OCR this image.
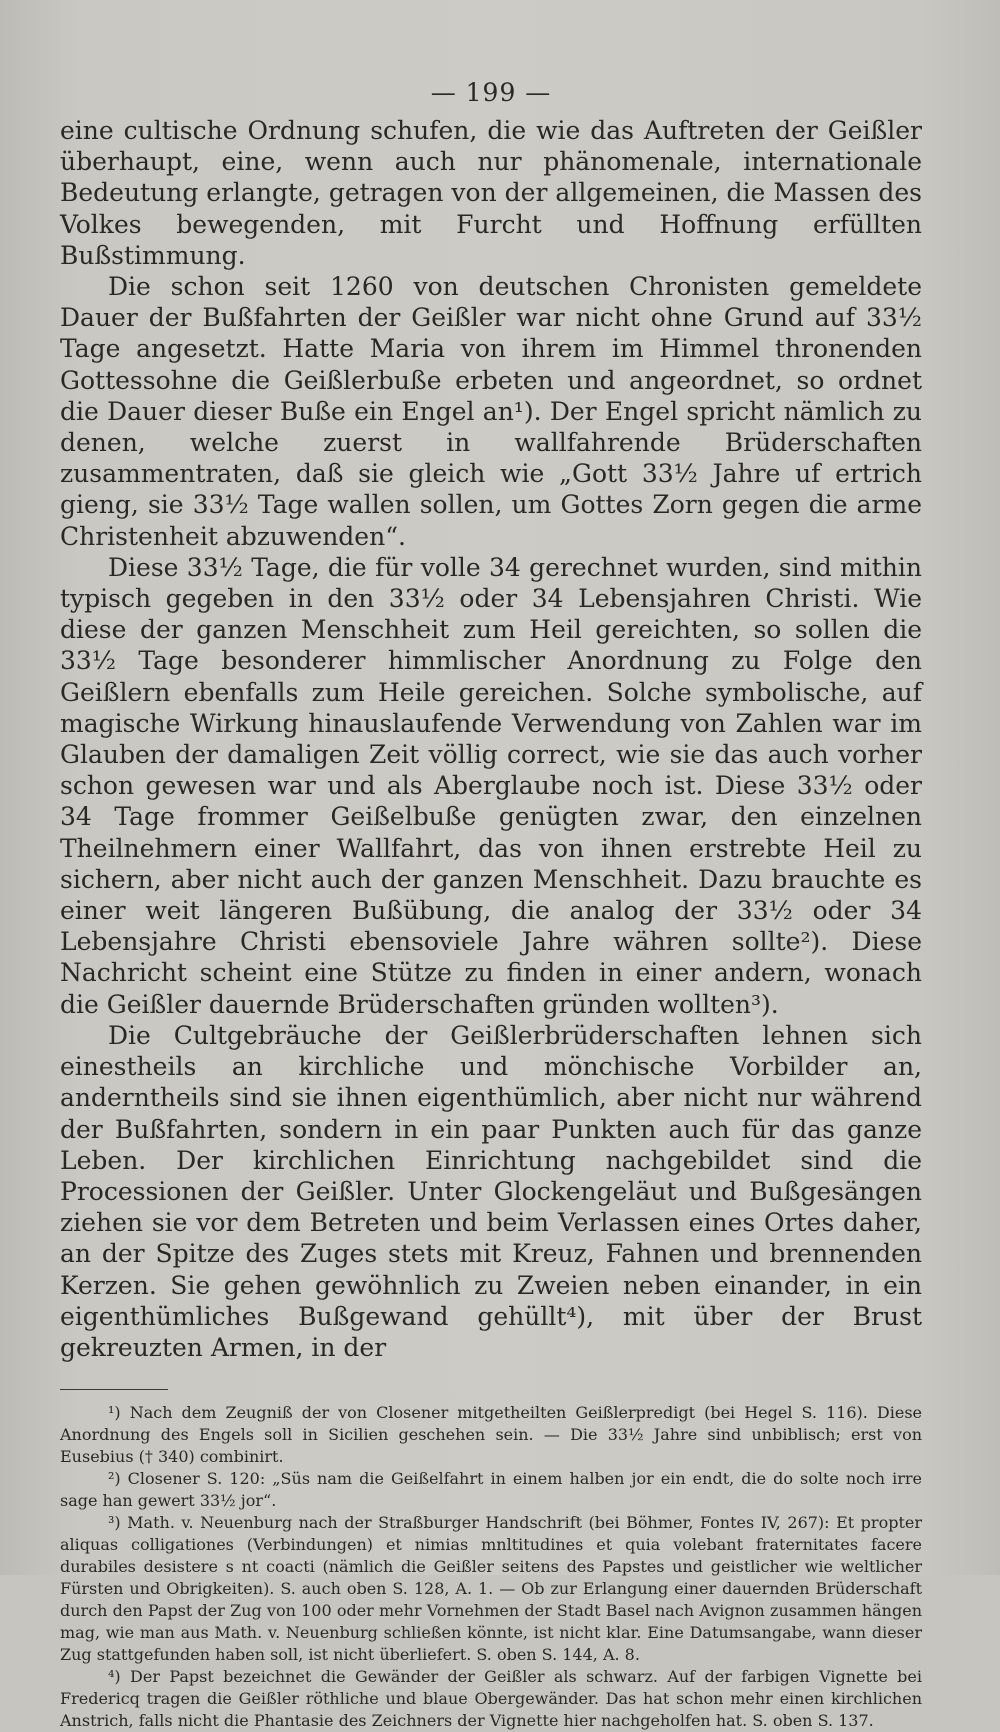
— 199 —

eine cultische Ordnung schufen, die wie das Auftreten der Geißler überhaupt, eine, wenn auch nur phänomenale, internationale Bedeutung erlangte, getragen von der allgemeinen, die Massen des Volkes bewegenden, mit Furcht und Hoffnung erfüllten Bußstimmung.

Die schon seit 1260 von deutschen Chronisten gemeldete Dauer der Bußfahrten der Geißler war nicht ohne Grund auf 33½ Tage angesetzt. Hatte Maria von ihrem im Himmel thronenden Gottessohne die Geißlerbuße erbeten und angeordnet, so ordnet die Dauer dieser Buße ein Engel an¹). Der Engel spricht nämlich zu denen, welche zuerst in wallfahrende Brüderschaften zusammentraten, daß sie gleich wie „Gott 33½ Jahre uf ertrich gieng, sie 33½ Tage wallen sollen, um Gottes Zorn gegen die arme Christenheit abzuwenden“.

Diese 33½ Tage, die für volle 34 gerechnet wurden, sind mithin typisch gegeben in den 33½ oder 34 Lebensjahren Christi. Wie diese der ganzen Menschheit zum Heil gereichten, so sollen die 33½ Tage besonderer himmlischer Anordnung zu Folge den Geißlern ebenfalls zum Heile gereichen. Solche symbolische, auf magische Wirkung hinauslaufende Verwendung von Zahlen war im Glauben der damaligen Zeit völlig correct, wie sie das auch vorher schon gewesen war und als Aberglaube noch ist. Diese 33½ oder 34 Tage frommer Geißelbuße genügten zwar, den einzelnen Theilnehmern einer Wallfahrt, das von ihnen erstrebte Heil zu sichern, aber nicht auch der ganzen Menschheit. Dazu brauchte es einer weit längeren Bußübung, die analog der 33½ oder 34 Lebensjahre Christi ebensoviele Jahre währen sollte²). Diese Nachricht scheint eine Stütze zu finden in einer andern, wonach die Geißler dauernde Brüderschaften gründen wollten³).

Die Cultgebräuche der Geißlerbrüderschaften lehnen sich einestheils an kirchliche und mönchische Vorbilder an, anderntheils sind sie ihnen eigenthümlich, aber nicht nur während der Bußfahrten, sondern in ein paar Punkten auch für das ganze Leben. Der kirchlichen Einrichtung nachgebildet sind die Processionen der Geißler. Unter Glockengeläut und Bußgesängen ziehen sie vor dem Betreten und beim Verlassen eines Ortes daher, an der Spitze des Zuges stets mit Kreuz, Fahnen und brennenden Kerzen. Sie gehen gewöhnlich zu Zweien neben einander, in ein eigenthümliches Bußgewand gehüllt⁴), mit über der Brust gekreuzten Armen, in der

¹) Nach dem Zeugniß der von Closener mitgetheilten Geißlerpredigt (bei Hegel S. 116). Diese Anordnung des Engels soll in Sicilien geschehen sein. — Die 33½ Jahre sind unbiblisch; erst von Eusebius († 340) combinirt.

²) Closener S. 120: „Süs nam die Geißelfahrt in einem halben jor ein endt, die do solte noch irre sage han gewert 33½ jor“.

³) Math. v. Neuenburg nach der Straßburger Handschrift (bei Böhmer, Fontes IV, 267): Et propter aliquas colligationes (Verbindungen) et nimias mnltitudines et quia volebant fraternitates facere durabiles desistere s nt coacti (nämlich die Geißler seitens des Papstes und geistlicher wie weltlicher Fürsten und Obrigkeiten). S. auch oben S. 128, A. 1. — Ob zur Erlangung einer dauernden Brüderschaft durch den Papst der Zug von 100 oder mehr Vornehmen der Stadt Basel nach Avignon zusammen hängen mag, wie man aus Math. v. Neuenburg schließen könnte, ist nicht klar. Eine Datumsangabe, wann dieser Zug stattgefunden haben soll, ist nicht überliefert. S. oben S. 144, A. 8.

⁴) Der Papst bezeichnet die Gewänder der Geißler als schwarz. Auf der farbigen Vignette bei Fredericq tragen die Geißler röthliche und blaue Obergewänder. Das hat schon mehr einen kirchlichen Anstrich, falls nicht die Phantasie des Zeichners der Vignette hier nachgeholfen hat. S. oben S. 137.
